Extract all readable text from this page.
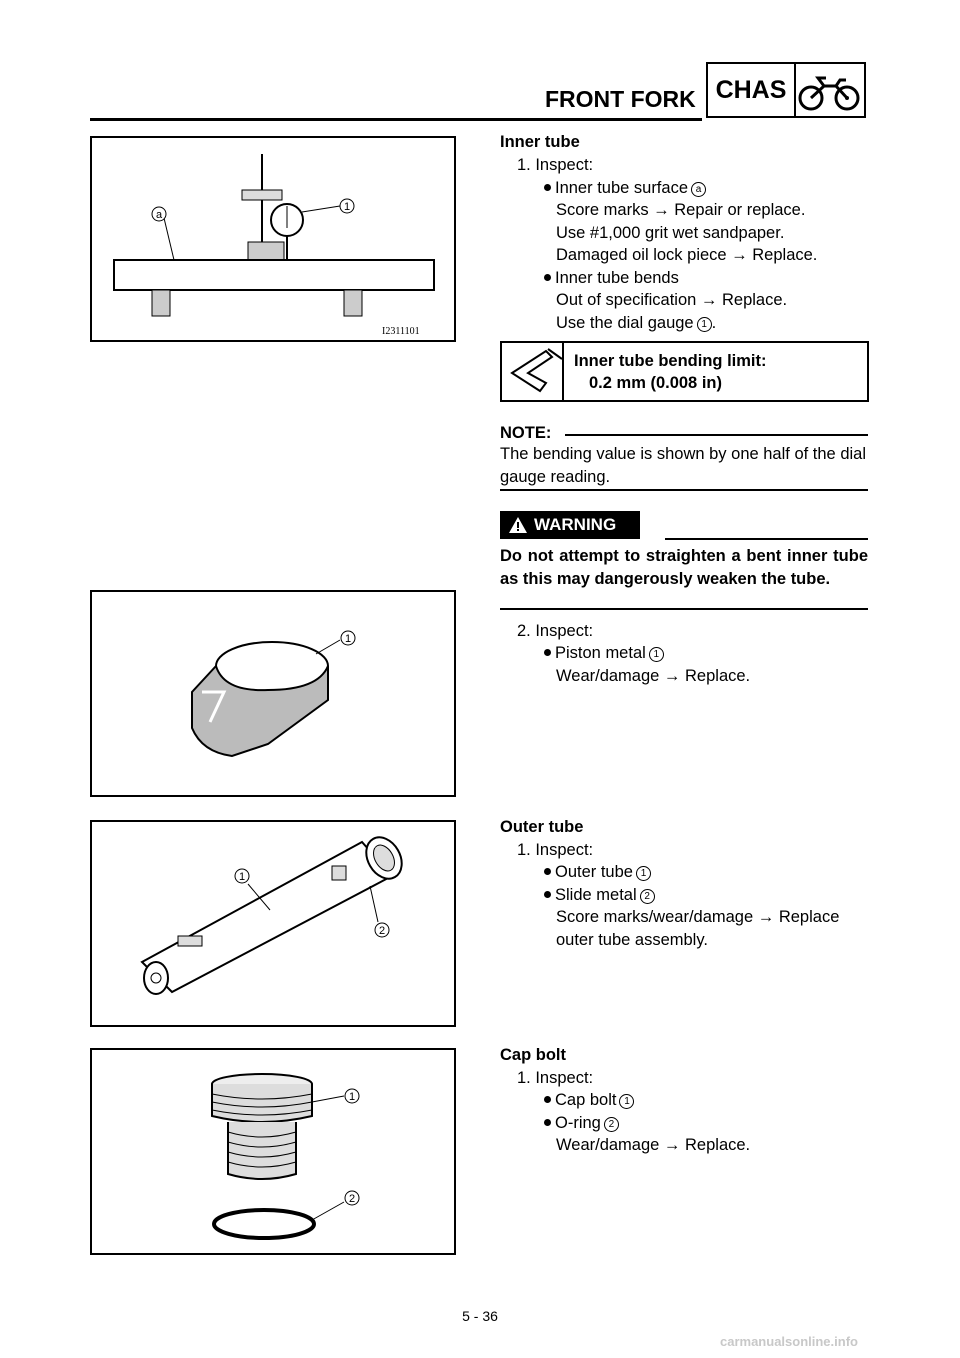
FRONT FORK CHAS
a
1
I2311101
Inner tube
1. Inspect:
Inner tube surface a
Score marks → Repair or replace.
Use #1,000 grit wet sandpaper.
Damaged oil lock piece → Replace.
Inner tube bends
Out of specification → Replace.
Use the dial gauge 1 .
Inner tube bending limit:
0.2 mm (0.008 in)
NOTE:
The bending value is shown by one half of the dial gauge reading.
WARNING
Do not attempt to straighten a bent inner tube as this may dangerously weaken the tube.
1	2. Inspect:
Piston metal 1
Wear/damage → Replace.
1
2
Outer tube
1. Inspect:
Outer tube 1
Slide metal 2
Score marks/wear/damage → Replace
outer tube assembly.
1
2
Cap bolt
1. Inspect:
Cap bolt 1
O-ring 2
Wear/damage → Replace.
5 - 36
carmanualsonline.info
